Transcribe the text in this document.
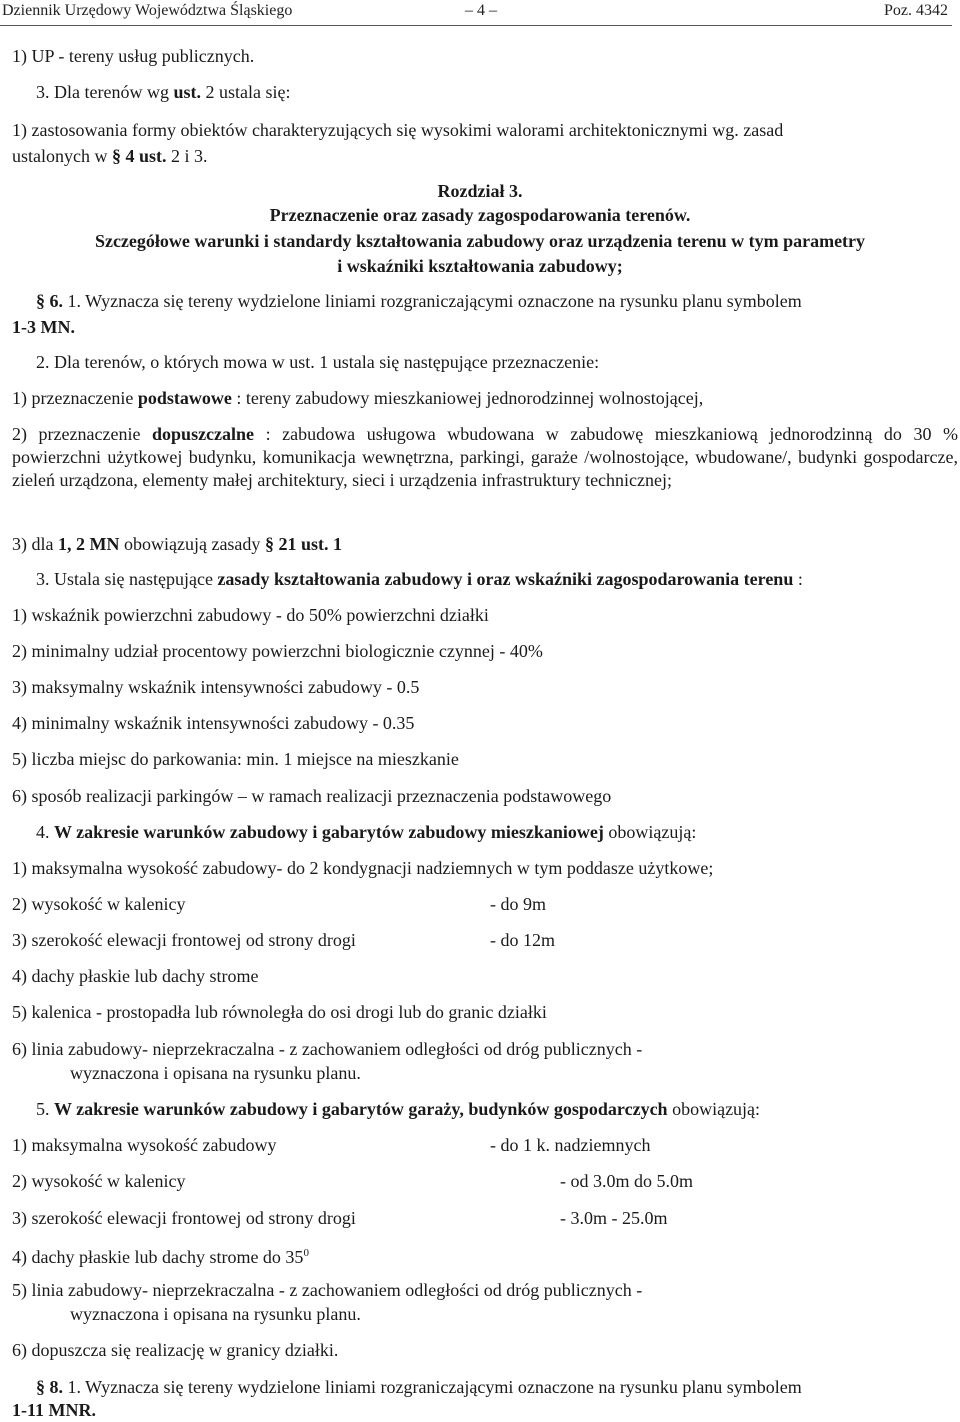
Dziennik Urzędowy Województwa Śląskiego	– 4 –	Poz. 4342
1) UP - tereny usług publicznych.
3. Dla terenów wg ust. 2 ustala się:
1) zastosowania formy obiektów charakteryzujących się wysokimi walorami architektonicznymi wg. zasad
ustalonych w § 4 ust. 2 i 3.
Rozdział 3.
Przeznaczenie oraz zasady zagospodarowania terenów.
Szczegółowe warunki i standardy kształtowania zabudowy oraz urządzenia terenu w tym parametry
i wskaźniki kształtowania zabudowy;
§ 6. 1. Wyznacza się tereny wydzielone liniami rozgraniczającymi oznaczone na rysunku planu symbolem
1-3 MN.
2. Dla terenów, o których mowa w ust. 1 ustala się następujące przeznaczenie:
1) przeznaczenie podstawowe : tereny zabudowy mieszkaniowej jednorodzinnej wolnostojącej,
2) przeznaczenie dopuszczalne : zabudowa usługowa wbudowana w zabudowę mieszkaniową jednorodzinną do 30 % powierzchni użytkowej budynku, komunikacja wewnętrzna, parkingi, garaże /wolnostojące, wbudowane/, budynki gospodarcze, zieleń urządzona, elementy małej architektury, sieci i urządzenia infrastruktury technicznej;
3) dla 1, 2 MN obowiązują zasady § 21 ust. 1
3. Ustala się następujące zasady kształtowania zabudowy i oraz wskaźniki zagospodarowania terenu :
1) wskaźnik powierzchni zabudowy - do 50% powierzchni działki
2) minimalny udział procentowy powierzchni biologicznie czynnej - 40%
3) maksymalny wskaźnik intensywności zabudowy - 0.5
4) minimalny wskaźnik intensywności zabudowy - 0.35
5) liczba miejsc do parkowania: min. 1 miejsce na mieszkanie
6) sposób realizacji parkingów – w ramach realizacji przeznaczenia podstawowego
4. W zakresie warunków zabudowy i gabarytów zabudowy mieszkaniowej obowiązują:
1) maksymalna wysokość zabudowy- do 2 kondygnacji nadziemnych w tym poddasze użytkowe;
2) wysokość w kalenicy	- do 9m
3) szerokość elewacji frontowej od strony drogi	- do 12m
4) dachy płaskie lub dachy strome
5) kalenica - prostopadła lub równoległa do osi drogi lub do granic działki
6) linia zabudowy- nieprzekraczalna - z zachowaniem odległości od dróg publicznych -
wyznaczona i opisana na rysunku planu.
5. W zakresie warunków zabudowy i gabarytów garaży, budynków gospodarczych obowiązują:
1) maksymalna wysokość zabudowy	- do 1 k. nadziemnych
2) wysokość w kalenicy	- od 3.0m do 5.0m
3) szerokość elewacji frontowej od strony drogi	- 3.0m - 25.0m
4) dachy płaskie lub dachy strome do $35^0$
5) linia zabudowy- nieprzekraczalna - z zachowaniem odległości od dróg publicznych -
wyznaczona i opisana na rysunku planu.
6) dopuszcza się realizację w granicy działki.
§ 8. 1. Wyznacza się tereny wydzielone liniami rozgraniczającymi oznaczone na rysunku planu symbolem
1-11 MNR.
